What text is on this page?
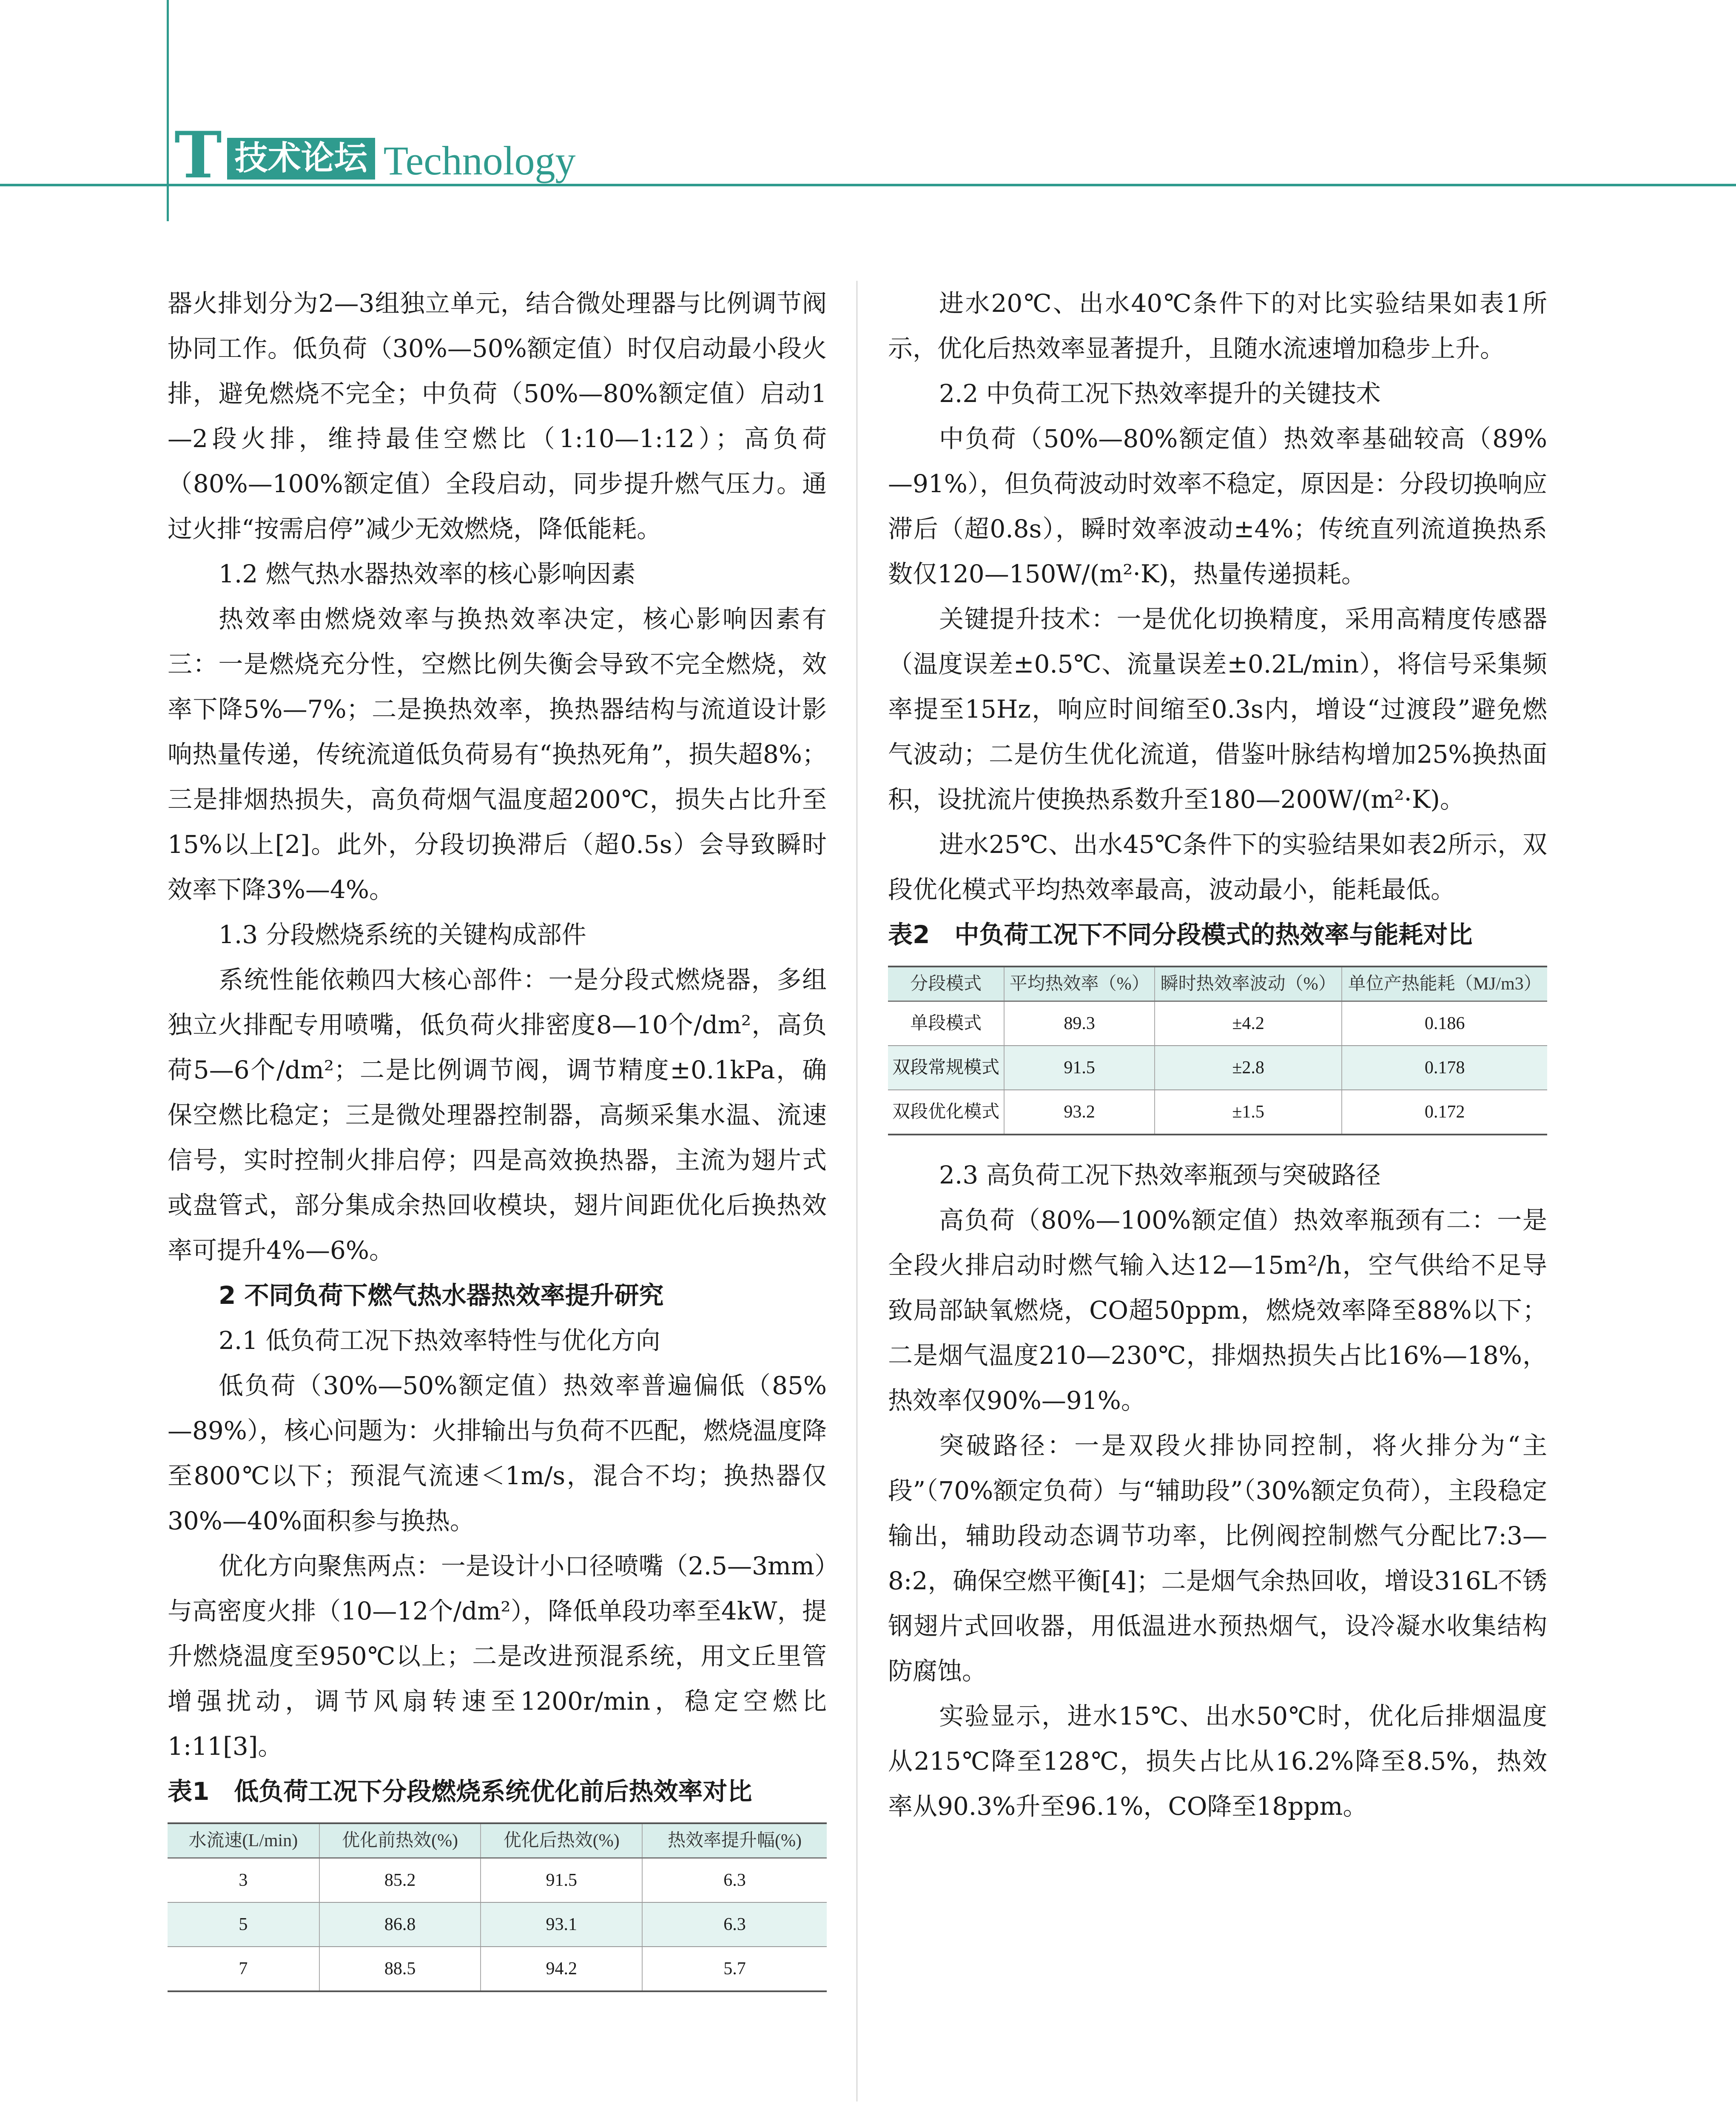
T 技术论坛 Technology

器火排划分为2—3组独立单元，结合微处理器与比例调节阀协同工作。低负荷（30%—50%额定值）时仅启动最小段火排，避免燃烧不完全；中负荷（50%—80%额定值）启动1—2段火排，维持最佳空燃比（1:10—1:12）；高负荷（80%—100%额定值）全段启动，同步提升燃气压力。通过火排“按需启停”减少无效燃烧，降低能耗。

1.2 燃气热水器热效率的核心影响因素

热效率由燃烧效率与换热效率决定，核心影响因素有三：一是燃烧充分性，空燃比例失衡会导致不完全燃烧，效率下降5%—7%；二是换热效率，换热器结构与流道设计影响热量传递，传统流道低负荷易有“换热死角”，损失超8%；三是排烟热损失，高负荷烟气温度超200℃，损失占比升至15%以上[2]。此外，分段切换滞后（超0.5s）会导致瞬时效率下降3%—4%。

1.3 分段燃烧系统的关键构成部件

系统性能依赖四大核心部件：一是分段式燃烧器，多组独立火排配专用喷嘴，低负荷火排密度8—10个/dm²，高负荷5—6个/dm²；二是比例调节阀，调节精度±0.1kPa，确保空燃比稳定；三是微处理器控制器，高频采集水温、流速信号，实时控制火排启停；四是高效换热器，主流为翅片式或盘管式，部分集成余热回收模块，翅片间距优化后换热效率可提升4%—6%。

2 不同负荷下燃气热水器热效率提升研究

2.1 低负荷工况下热效率特性与优化方向

低负荷（30%—50%额定值）热效率普遍偏低（85%—89%），核心问题为：火排输出与负荷不匹配，燃烧温度降至800℃以下；预混气流速＜1m/s，混合不均；换热器仅30%—40%面积参与换热。

优化方向聚焦两点：一是设计小口径喷嘴（2.5—3mm）与高密度火排（10—12个/dm²），降低单段功率至4kW，提升燃烧温度至950℃以上；二是改进预混系统，用文丘里管增强扰动，调节风扇转速至1200r/min，稳定空燃比1:11[3]。

表1　低负荷工况下分段燃烧系统优化前后热效率对比

水流速(L/min)	优化前热效(%)	优化后热效(%)	热效率提升幅(%)
3	85.2	91.5	6.3
5	86.8	93.1	6.3
7	88.5	94.2	5.7

进水20℃、出水40℃条件下的对比实验结果如表1所示，优化后热效率显著提升，且随水流速增加稳步上升。

2.2 中负荷工况下热效率提升的关键技术

中负荷（50%—80%额定值）热效率基础较高（89%—91%），但负荷波动时效率不稳定，原因是：分段切换响应滞后（超0.8s），瞬时效率波动±4%；传统直列流道换热系数仅120—150W/(m²·K)，热量传递损耗。

关键提升技术：一是优化切换精度，采用高精度传感器（温度误差±0.5℃、流量误差±0.2L/min），将信号采集频率提至15Hz，响应时间缩至0.3s内，增设“过渡段”避免燃气波动；二是仿生优化流道，借鉴叶脉结构增加25%换热面积，设扰流片使换热系数升至180—200W/(m²·K)。

进水25℃、出水45℃条件下的实验结果如表2所示，双段优化模式平均热效率最高，波动最小，能耗最低。

表2　中负荷工况下不同分段模式的热效率与能耗对比

分段模式	平均热效率（%）	瞬时热效率波动（%）	单位产热能耗（MJ/m3）
单段模式	89.3	±4.2	0.186
双段常规模式	91.5	±2.8	0.178
双段优化模式	93.2	±1.5	0.172

2.3 高负荷工况下热效率瓶颈与突破路径

高负荷（80%—100%额定值）热效率瓶颈有二：一是全段火排启动时燃气输入达12—15m²/h，空气供给不足导致局部缺氧燃烧，CO超50ppm，燃烧效率降至88%以下；二是烟气温度210—230℃，排烟热损失占比16%—18%，热效率仅90%—91%。

突破路径：一是双段火排协同控制，将火排分为“主段”（70%额定负荷）与“辅助段”（30%额定负荷），主段稳定输出，辅助段动态调节功率，比例阀控制燃气分配比7:3—8:2，确保空燃平衡[4]；二是烟气余热回收，增设316L不锈钢翅片式回收器，用低温进水预热烟气，设冷凝水收集结构防腐蚀。

实验显示，进水15℃、出水50℃时，优化后排烟温度从215℃降至128℃，损失占比从16.2%降至8.5%，热效率从90.3%升至96.1%，CO降至18ppm。
